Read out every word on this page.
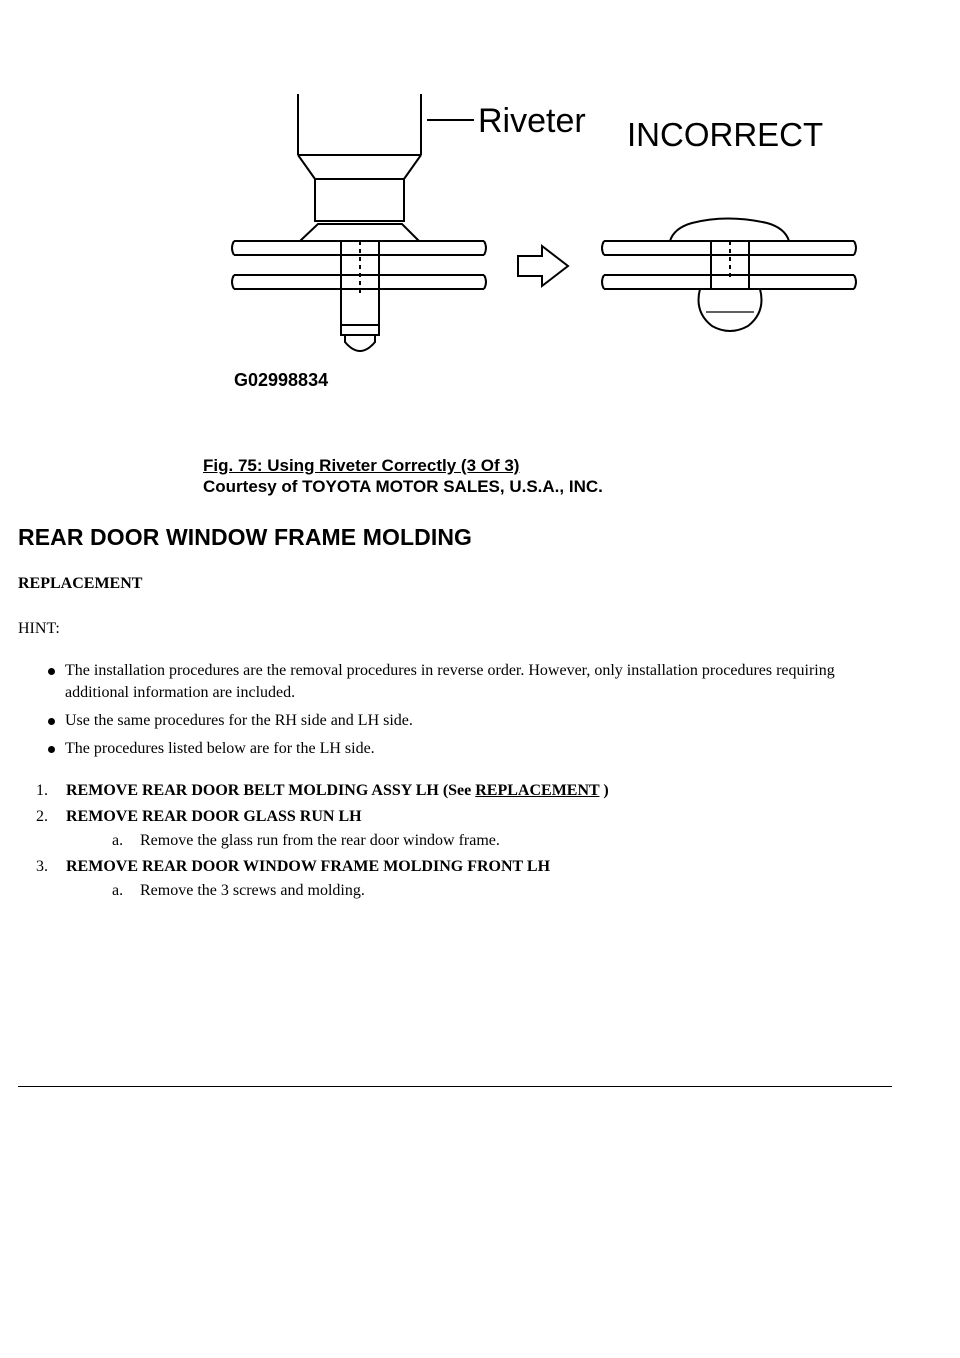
Riveter INCORRECT
G02998834
Fig. 75: Using Riveter Correctly (3 Of 3)
Courtesy of TOYOTA MOTOR SALES, U.S.A., INC.
REAR DOOR WINDOW FRAME MOLDING
REPLACEMENT
HINT:
The installation procedures are the removal procedures in reverse order. However, only installation procedures requiring additional information are included.
Use the same procedures for the RH side and LH side.
The procedures listed below are for the LH side.
1. REMOVE REAR DOOR BELT MOLDING ASSY LH (See REPLACEMENT )
2. REMOVE REAR DOOR GLASS RUN LH
a. Remove the glass run from the rear door window frame.
3. REMOVE REAR DOOR WINDOW FRAME MOLDING FRONT LH
a. Remove the 3 screws and molding.
